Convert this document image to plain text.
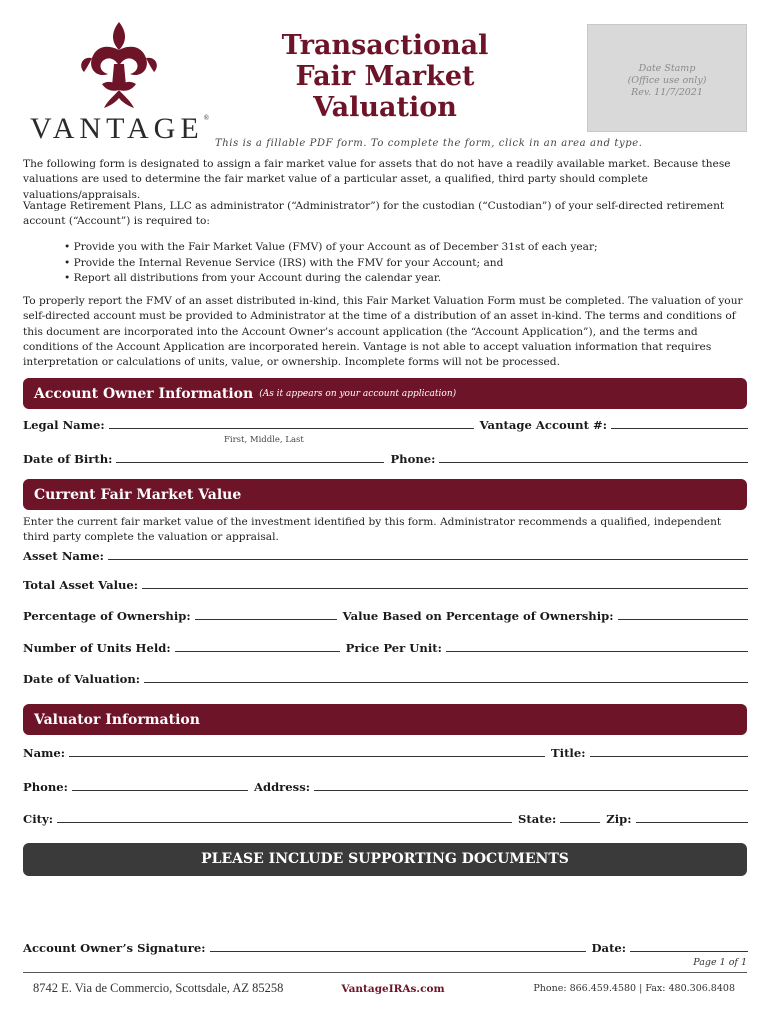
VANTAGE®
Transactional
Fair Market
Valuation
Date Stamp
(Office use only)
Rev. 11/7/2021
This is a fillable PDF form. To complete the form, click in an area and type.
The following form is designated to assign a fair market value for assets that do not have a readily available market. Because these valuations are used to determine the fair market value of a particular asset, a qualified, third party should complete valuations/appraisals.
Vantage Retirement Plans, LLC as administrator (“Administrator”) for the custodian (“Custodian”) of your self-directed retirement account (“Account”) is required to:
• Provide you with the Fair Market Value (FMV) of your Account as of December 31st of each year;
• Provide the Internal Revenue Service (IRS) with the FMV for your Account; and
• Report all distributions from your Account during the calendar year.
To properly report the FMV of an asset distributed in-kind, this Fair Market Valuation Form must be completed. The valuation of your self-directed account must be provided to Administrator at the time of a distribution of an asset in-kind. The terms and conditions of this document are incorporated into the Account Owner’s account application (the “Account Application”), and the terms and conditions of the Account Application are incorporated herein. Vantage is not able to accept valuation information that requires interpretation or calculations of units, value, or ownership. Incomplete forms will not be processed.
Account Owner Information (As it appears on your account application)
Legal Name:	Vantage Account #:
First, Middle, Last
Date of Birth:	Phone:
Current Fair Market Value
Enter the current fair market value of the investment identified by this form. Administrator recommends a qualified, independent third party complete the valuation or appraisal.
Asset Name:
Total Asset Value:
Percentage of Ownership:	Value Based on Percentage of Ownership:
Number of Units Held:	Price Per Unit:
Date of Valuation:
Valuator Information
Name:	Title:
Phone:	Address:
City:	State:	Zip:
PLEASE INCLUDE SUPPORTING DOCUMENTS
Account Owner’s Signature:	Date:
Page 1 of 1
8742 E. Via de Commercio, Scottsdale, AZ 85258	VantageIRAs.com	Phone: 866.459.4580 | Fax: 480.306.8408
